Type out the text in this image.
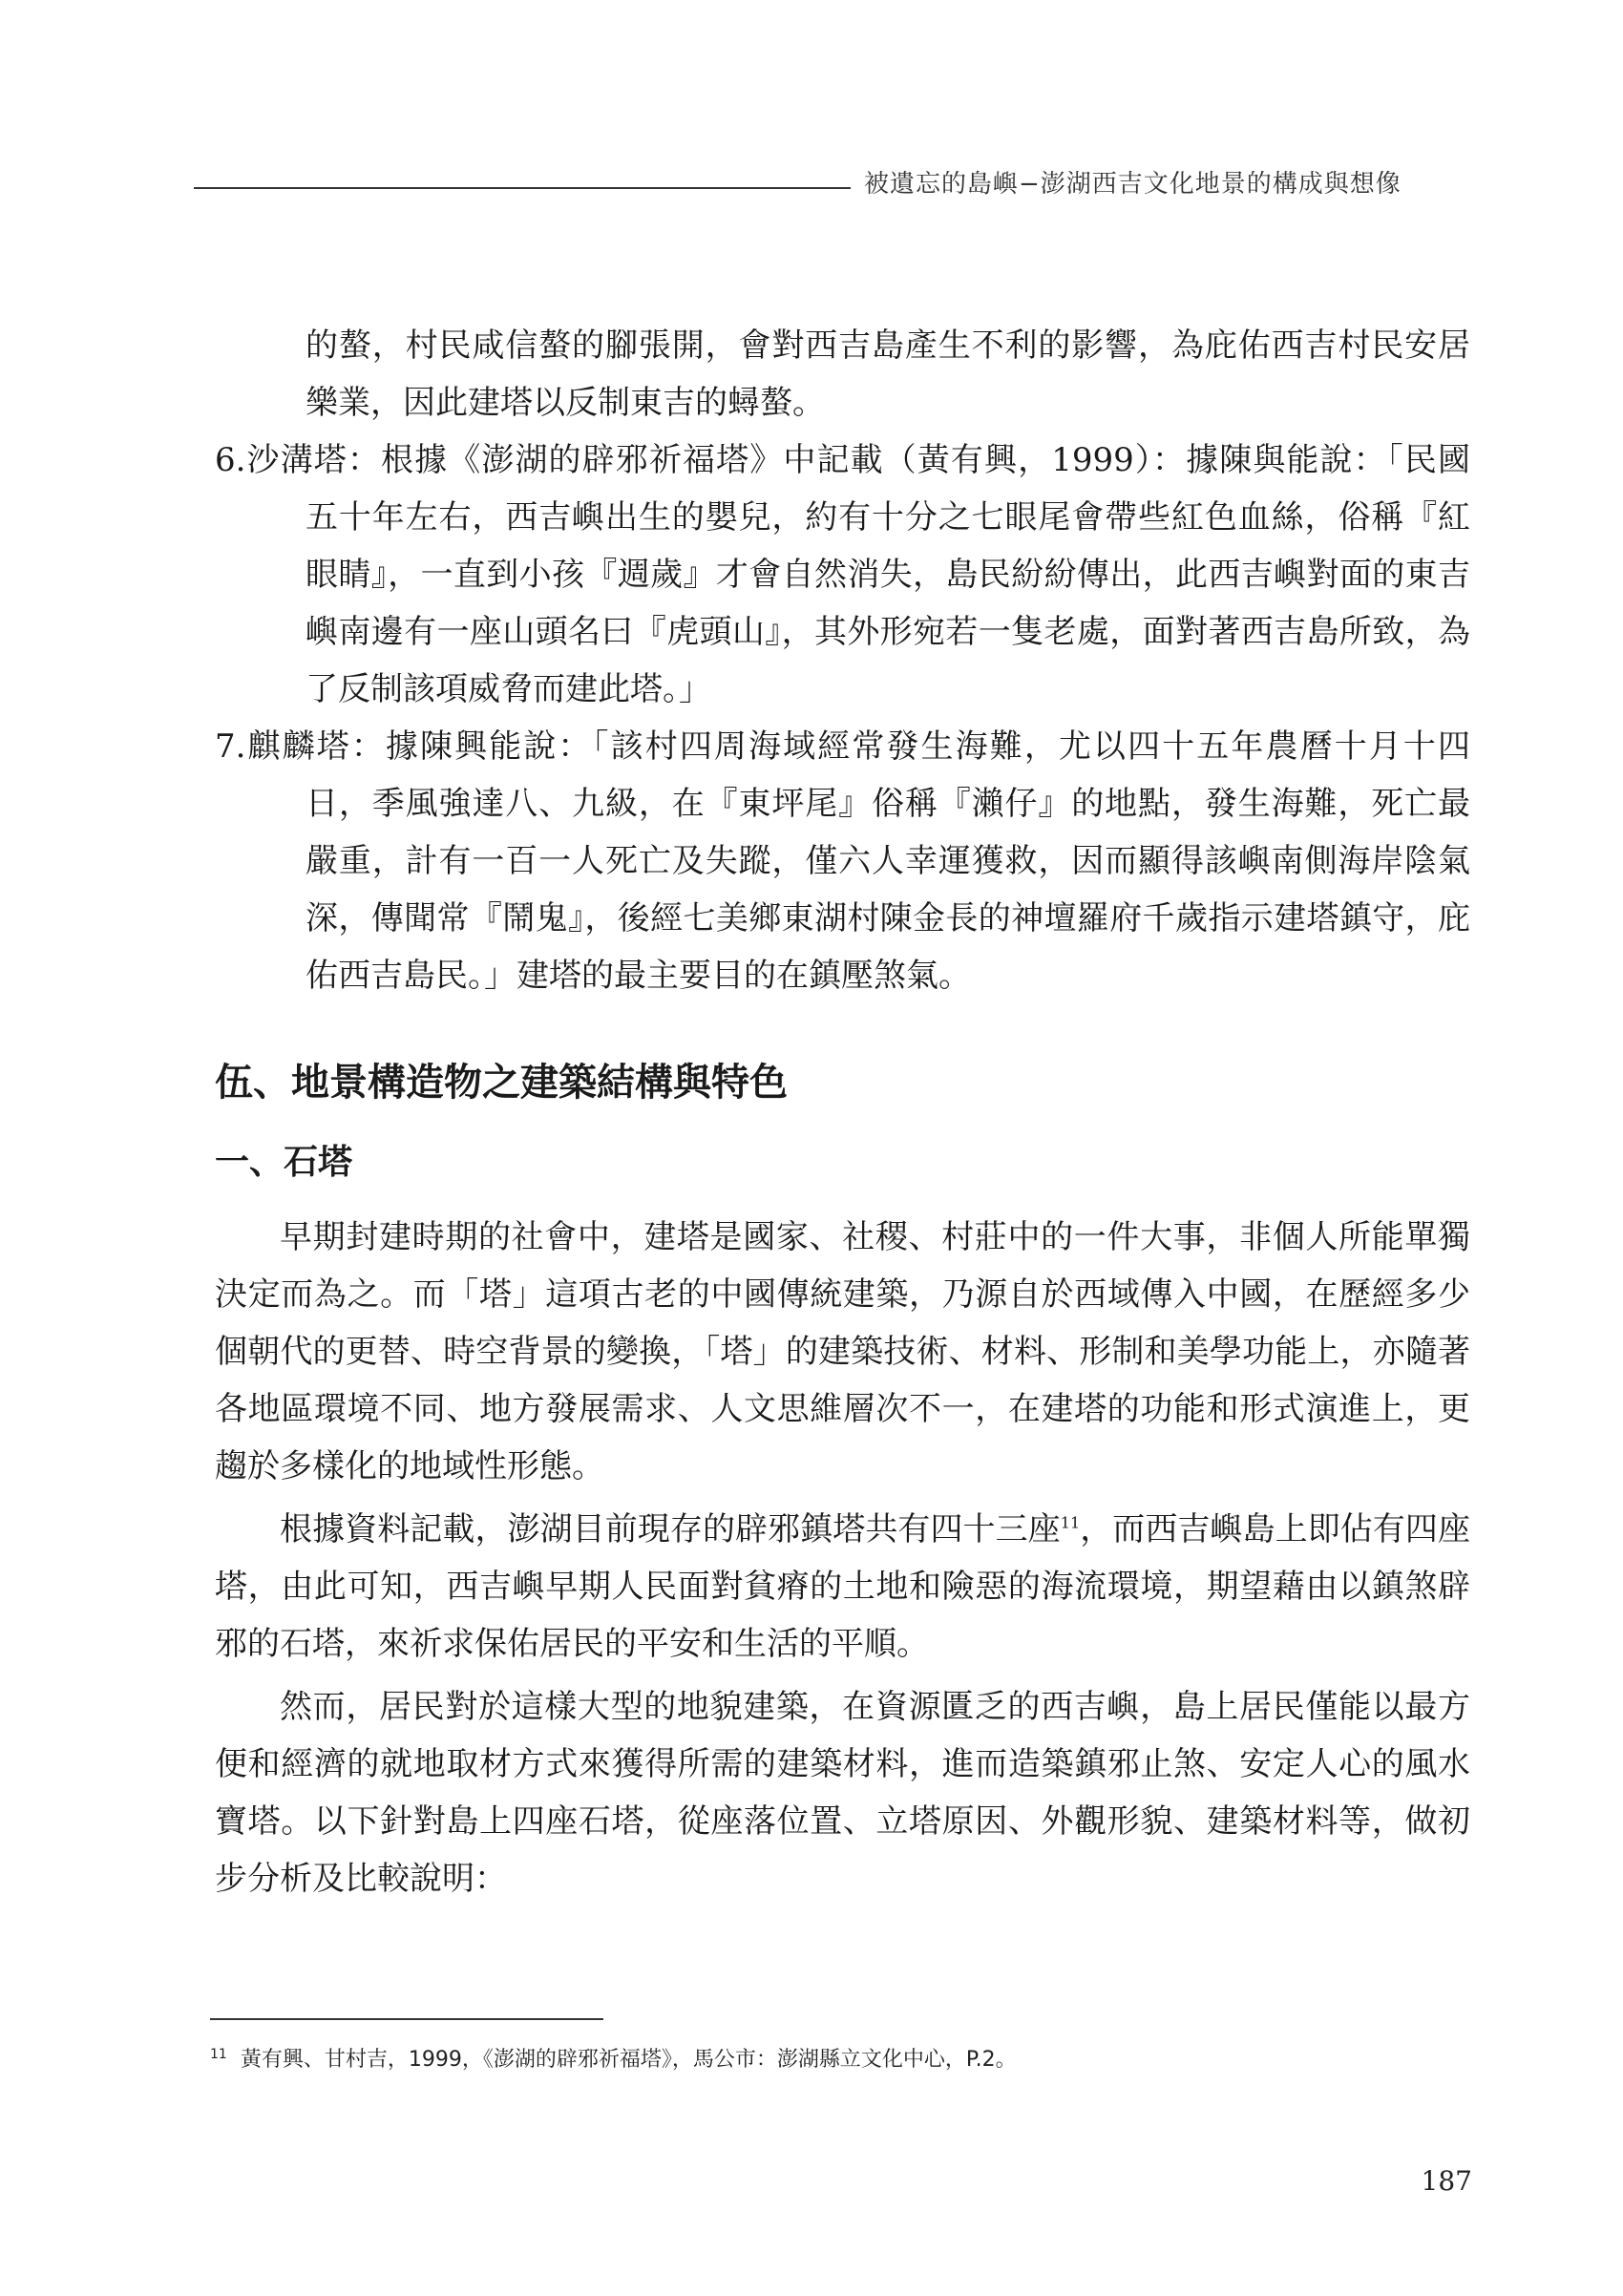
被遺忘的島嶼−澎湖西吉文化地景的構成與想像
的螯，村民咸信螯的腳張開，會對西吉島產生不利的影響，為庇佑西吉村民安居
樂業，因此建塔以反制東吉的蟳螯。
6.沙溝塔：根據《澎湖的辟邪祈福塔》中記載（黃有興，1999）：據陳與能說：「民國
五十年左右，西吉嶼出生的嬰兒，約有十分之七眼尾會帶些紅色血絲，俗稱『紅
眼睛』，一直到小孩『週歲』才會自然消失，島民紛紛傳出，此西吉嶼對面的東吉
嶼南邊有一座山頭名曰『虎頭山』，其外形宛若一隻老處，面對著西吉島所致，為
了反制該項威脅而建此塔。」
7.麒麟塔：據陳興能說：「該村四周海域經常發生海難，尤以四十五年農曆十月十四
日，季風強達八、九級，在『東坪尾』俗稱『瀨仔』的地點，發生海難，死亡最
嚴重，計有一百一人死亡及失蹤，僅六人幸運獲救，因而顯得該嶼南側海岸陰氣
深，傳聞常『鬧鬼』，後經七美鄉東湖村陳金長的神壇羅府千歲指示建塔鎮守，庇
佑西吉島民。」建塔的最主要目的在鎮壓煞氣。
伍、地景構造物之建築結構與特色
一、石塔
早期封建時期的社會中，建塔是國家、社稷、村莊中的一件大事，非個人所能單獨
決定而為之。而「塔」這項古老的中國傳統建築，乃源自於西域傳入中國，在歷經多少
個朝代的更替、時空背景的變換，「塔」的建築技術、材料、形制和美學功能上，亦隨著
各地區環境不同、地方發展需求、人文思維層次不一，在建塔的功能和形式演進上，更
趨於多樣化的地域性形態。
根據資料記載，澎湖目前現存的辟邪鎮塔共有四十三座$^{11}$，而西吉嶼島上即佔有四座
塔，由此可知，西吉嶼早期人民面對貧瘠的土地和險惡的海流環境，期望藉由以鎮煞辟
邪的石塔，來祈求保佑居民的平安和生活的平順。
然而，居民對於這樣大型的地貌建築，在資源匱乏的西吉嶼，島上居民僅能以最方
便和經濟的就地取材方式來獲得所需的建築材料，進而造築鎮邪止煞、安定人心的風水
寶塔。以下針對島上四座石塔，從座落位置、立塔原因、外觀形貌、建築材料等，做初
步分析及比較說明：
$^{11}$ 黃有興、甘村吉，1999，《澎湖的辟邪祈福塔》，馬公市：澎湖縣立文化中心，P.2。
187
